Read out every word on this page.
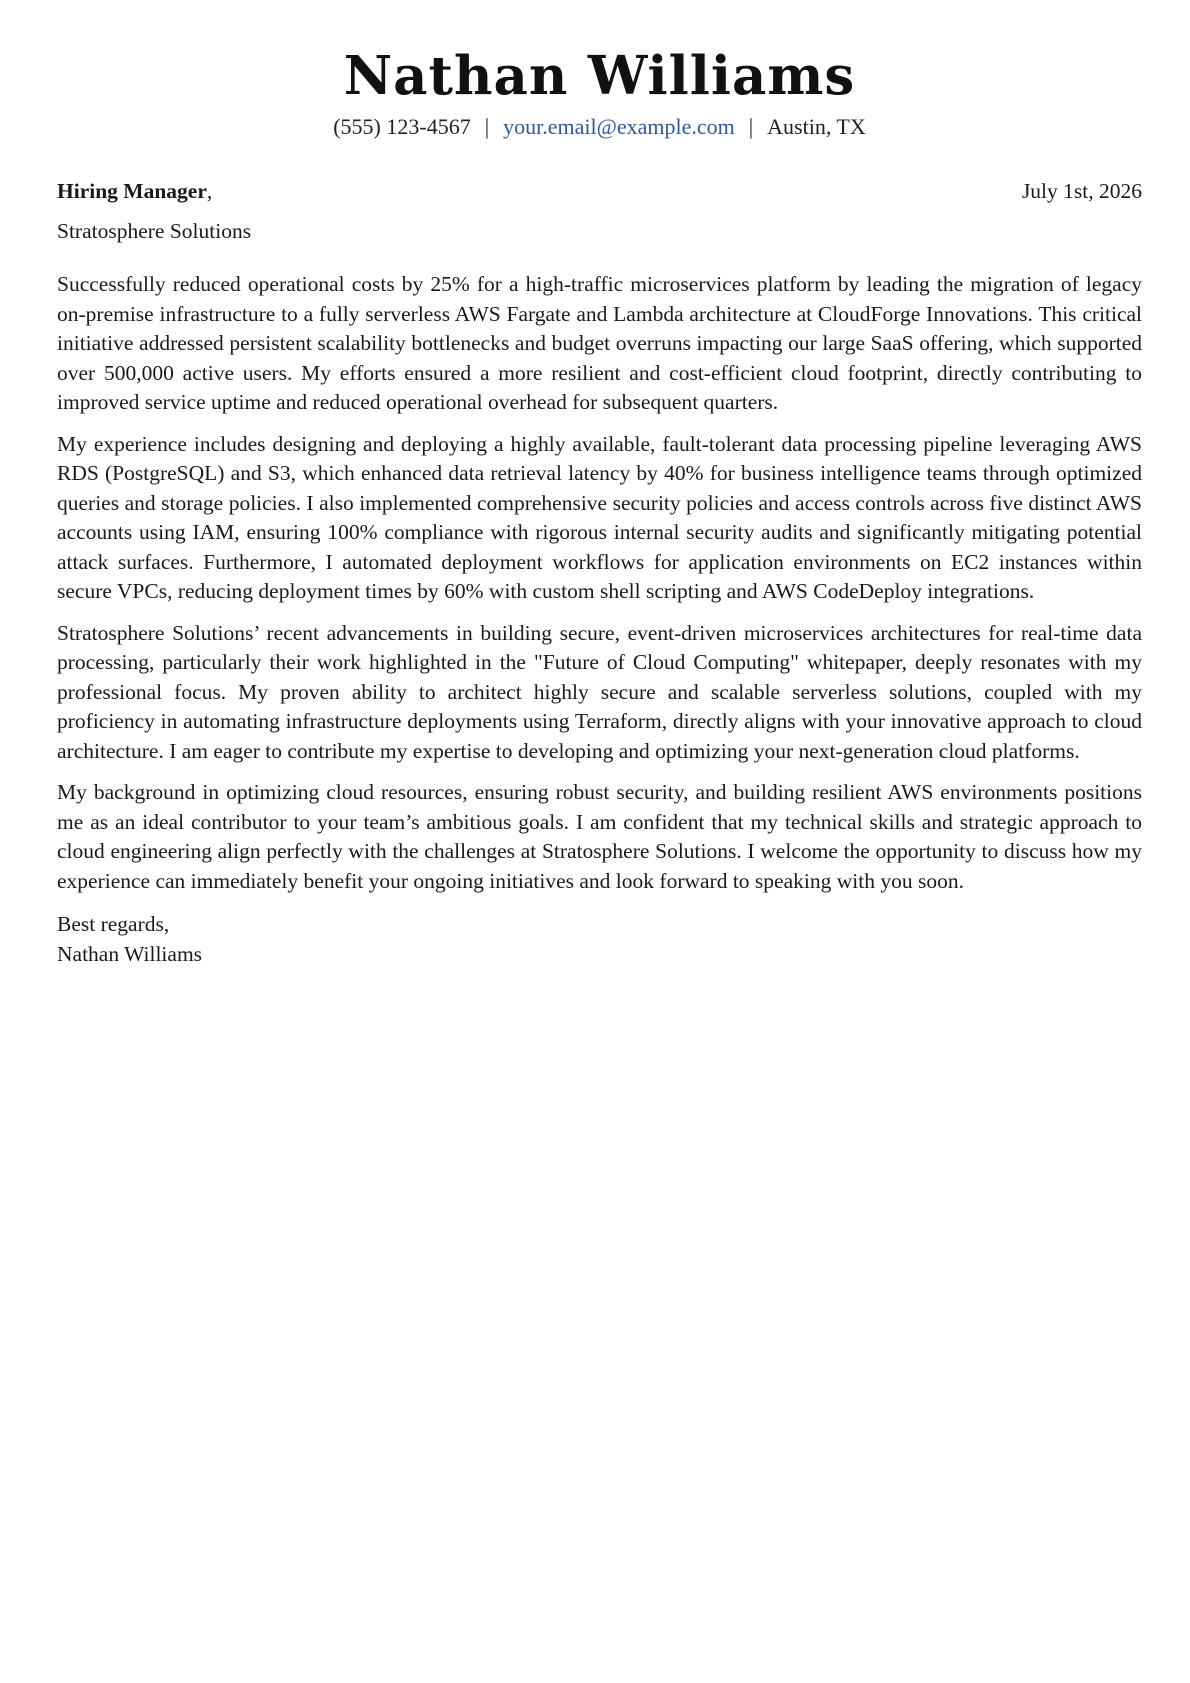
Nathan Williams
(555) 123-4567 | your.email@example.com | Austin, TX
Hiring Manager,	July 1st, 2026
Stratosphere Solutions

Successfully reduced operational costs by 25% for a high-traffic microservices platform by leading the migration of legacy on-premise infrastructure to a fully serverless AWS Fargate and Lambda architecture at CloudForge Innovations. This critical initiative addressed persistent scalability bottlenecks and budget overruns impacting our large SaaS offering, which supported over 500,000 active users. My efforts ensured a more resilient and cost-efficient cloud footprint, directly contributing to improved service uptime and reduced operational overhead for subsequent quarters.

My experience includes designing and deploying a highly available, fault-tolerant data processing pipeline leveraging AWS RDS (PostgreSQL) and S3, which enhanced data retrieval latency by 40% for business intelligence teams through optimized queries and storage policies. I also implemented comprehensive security policies and access controls across five distinct AWS accounts using IAM, ensuring 100% compliance with rigorous internal security audits and significantly mitigating potential attack surfaces. Furthermore, I automated deployment workflows for application environments on EC2 instances within secure VPCs, reducing deployment times by 60% with custom shell scripting and AWS CodeDeploy integrations.

Stratosphere Solutions’ recent advancements in building secure, event-driven microservices architectures for real-time data processing, particularly their work highlighted in the "Future of Cloud Computing" whitepaper, deeply resonates with my professional focus. My proven ability to architect highly secure and scalable serverless solutions, coupled with my proficiency in automating infrastructure deployments using Terraform, directly aligns with your innovative approach to cloud architecture. I am eager to contribute my expertise to developing and optimizing your next-generation cloud platforms.

My background in optimizing cloud resources, ensuring robust security, and building resilient AWS environments positions me as an ideal contributor to your team’s ambitious goals. I am confident that my technical skills and strategic approach to cloud engineering align perfectly with the challenges at Stratosphere Solutions. I welcome the opportunity to discuss how my experience can immediately benefit your ongoing initiatives and look forward to speaking with you soon.

Best regards,
Nathan Williams
